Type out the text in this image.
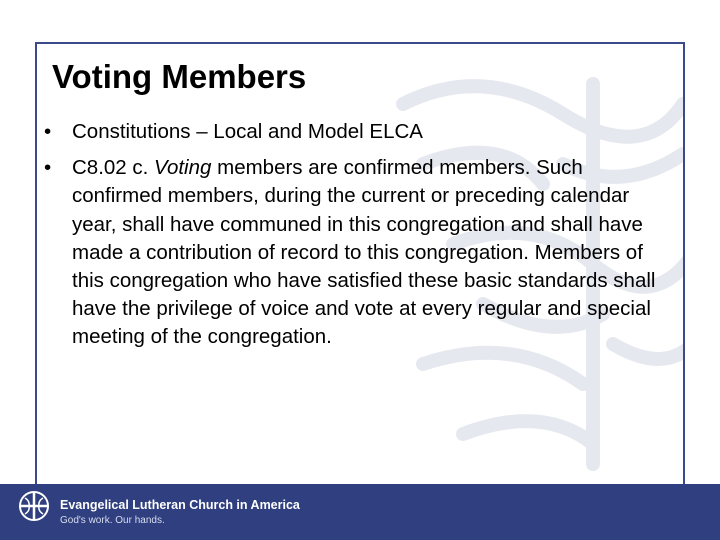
Voting Members
• Constitutions – Local and Model ELCA
• C8.02 c. Voting members are confirmed members. Such confirmed members, during the current or preceding calendar year, shall have communed in this congregation and shall have made a contribution of record to this congregation. Members of this congregation who have satisfied these basic standards shall have the privilege of voice and vote at every regular and special meeting of the congregation.
Evangelical Lutheran Church in America
God's work. Our hands.
